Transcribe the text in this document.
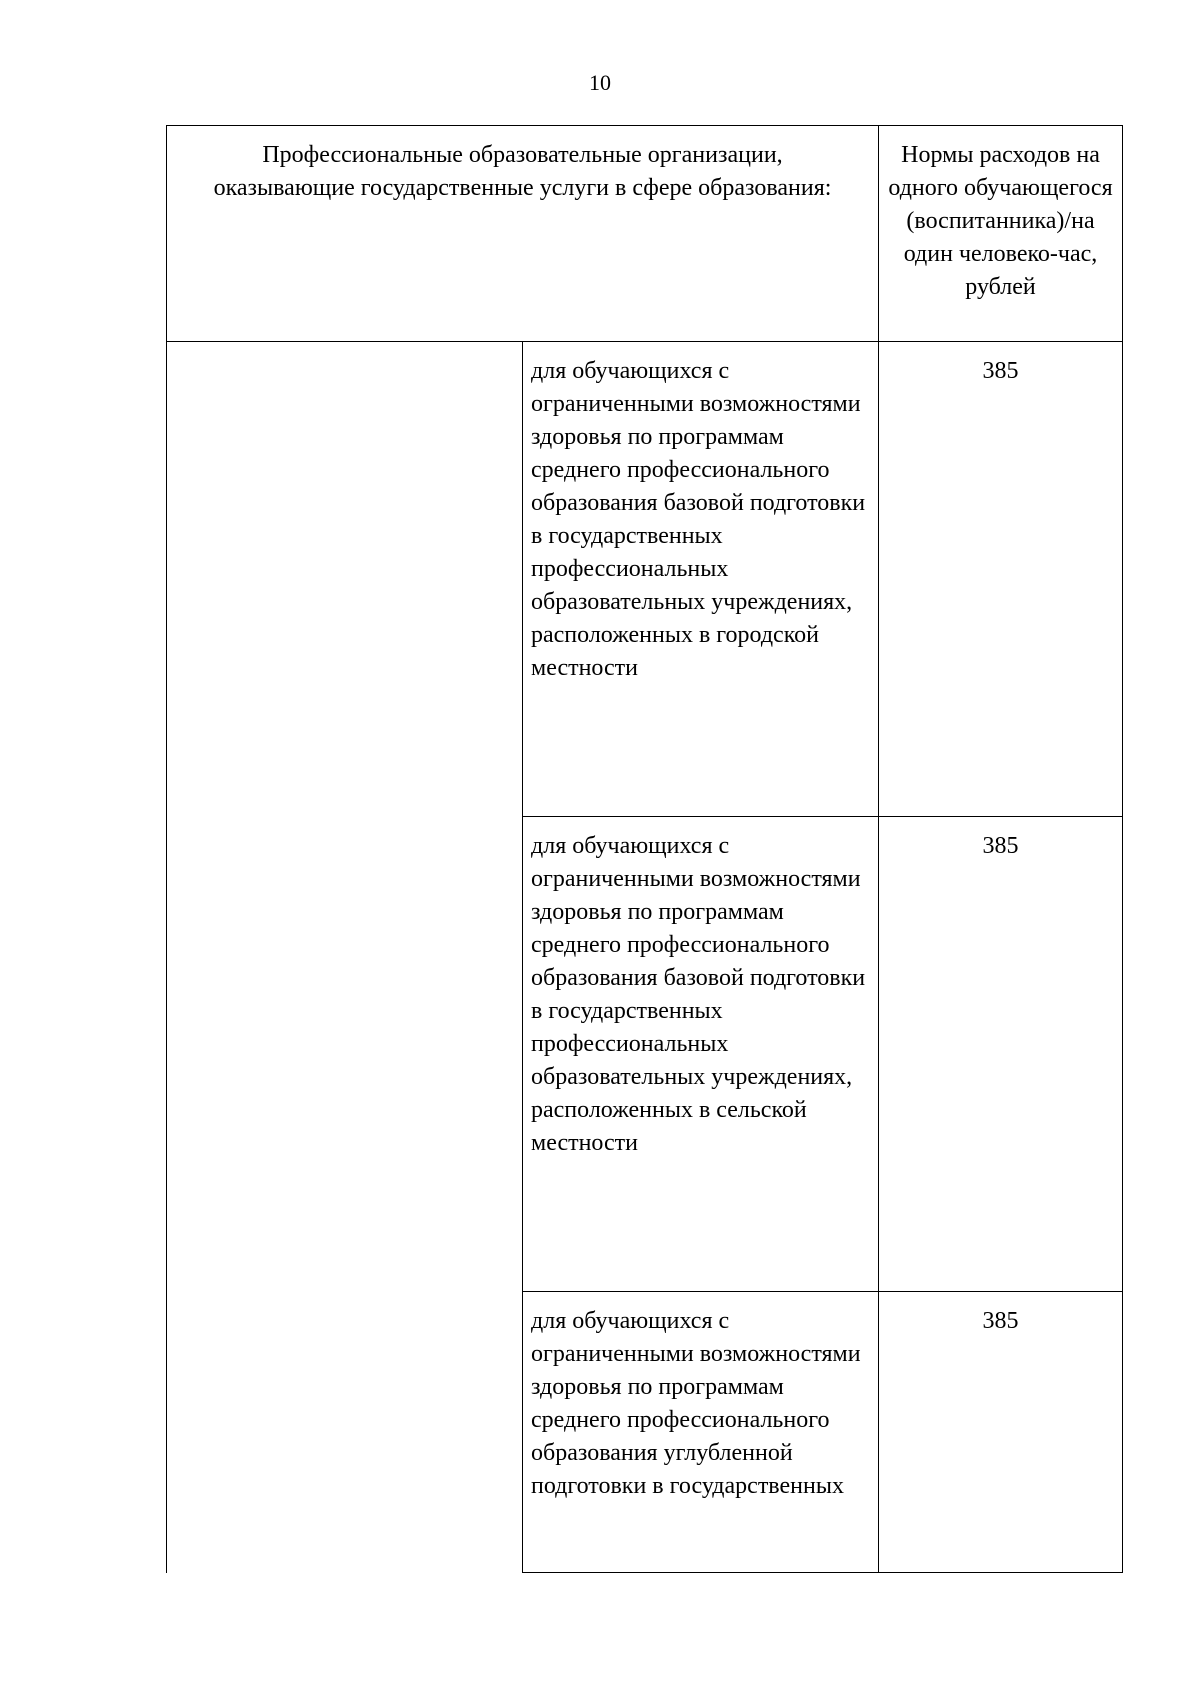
10
Профессиональные образовательные организации, оказывающие государственные услуги в сфере образования:		Нормы расходов на одного обучающегося (воспитанника)/на один человеко-час, рублей

	для обучающихся с ограниченными возможностями здоровья по программам среднего профессионального образования базовой подготовки в государственных профессиональных образовательных учреждениях, расположенных в городской местности	385

	для обучающихся с ограниченными возможностями здоровья по программам среднего профессионального образования базовой подготовки в государственных профессиональных образовательных учреждениях, расположенных в сельской местности	385

	для обучающихся с ограниченными возможностями здоровья по программам среднего профессионального образования углубленной подготовки в государственных	385
